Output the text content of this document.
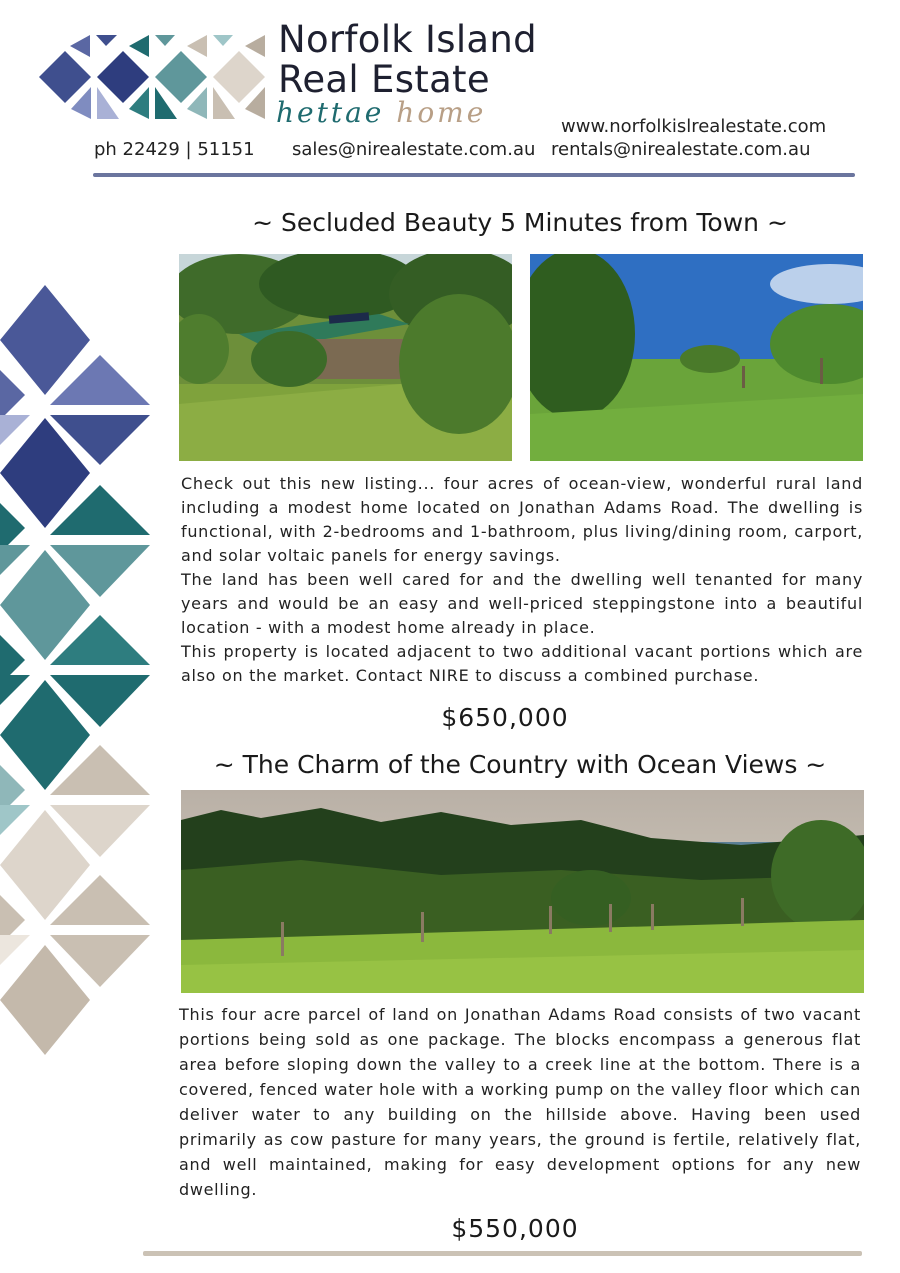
Norfolk Island
Real Estate
hettae home	www.norfolkislrealestate.com
ph 22429 | 51151 sales@nirealestate.com.au rentals@nirealestate.com.au
~ Secluded Beauty 5 Minutes from Town ~

Check out this new listing... four acres of ocean-view, wonderful rural land including a modest home located on Jonathan Adams Road. The dwelling is functional, with 2-bedrooms and 1-bathroom, plus living/dining room, carport, and solar voltaic panels for energy savings.

The land has been well cared for and the dwelling well tenanted for many years and would be an easy and well-priced steppingstone into a beautiful location - with a modest home already in place.

This property is located adjacent to two additional vacant portions which are also on the market. Contact NIRE to discuss a combined purchase.

$650,000
~ The Charm of the Country with Ocean Views ~

This four acre parcel of land on Jonathan Adams Road consists of two vacant portions being sold as one package. The blocks encompass a generous flat area before sloping down the valley to a creek line at the bottom. There is a covered, fenced water hole with a working pump on the valley floor which can deliver water to any building on the hillside above. Having been used primarily as cow pasture for many years, the ground is fertile, relatively flat, and well maintained, making for easy development options for any new dwelling.

$550,000
